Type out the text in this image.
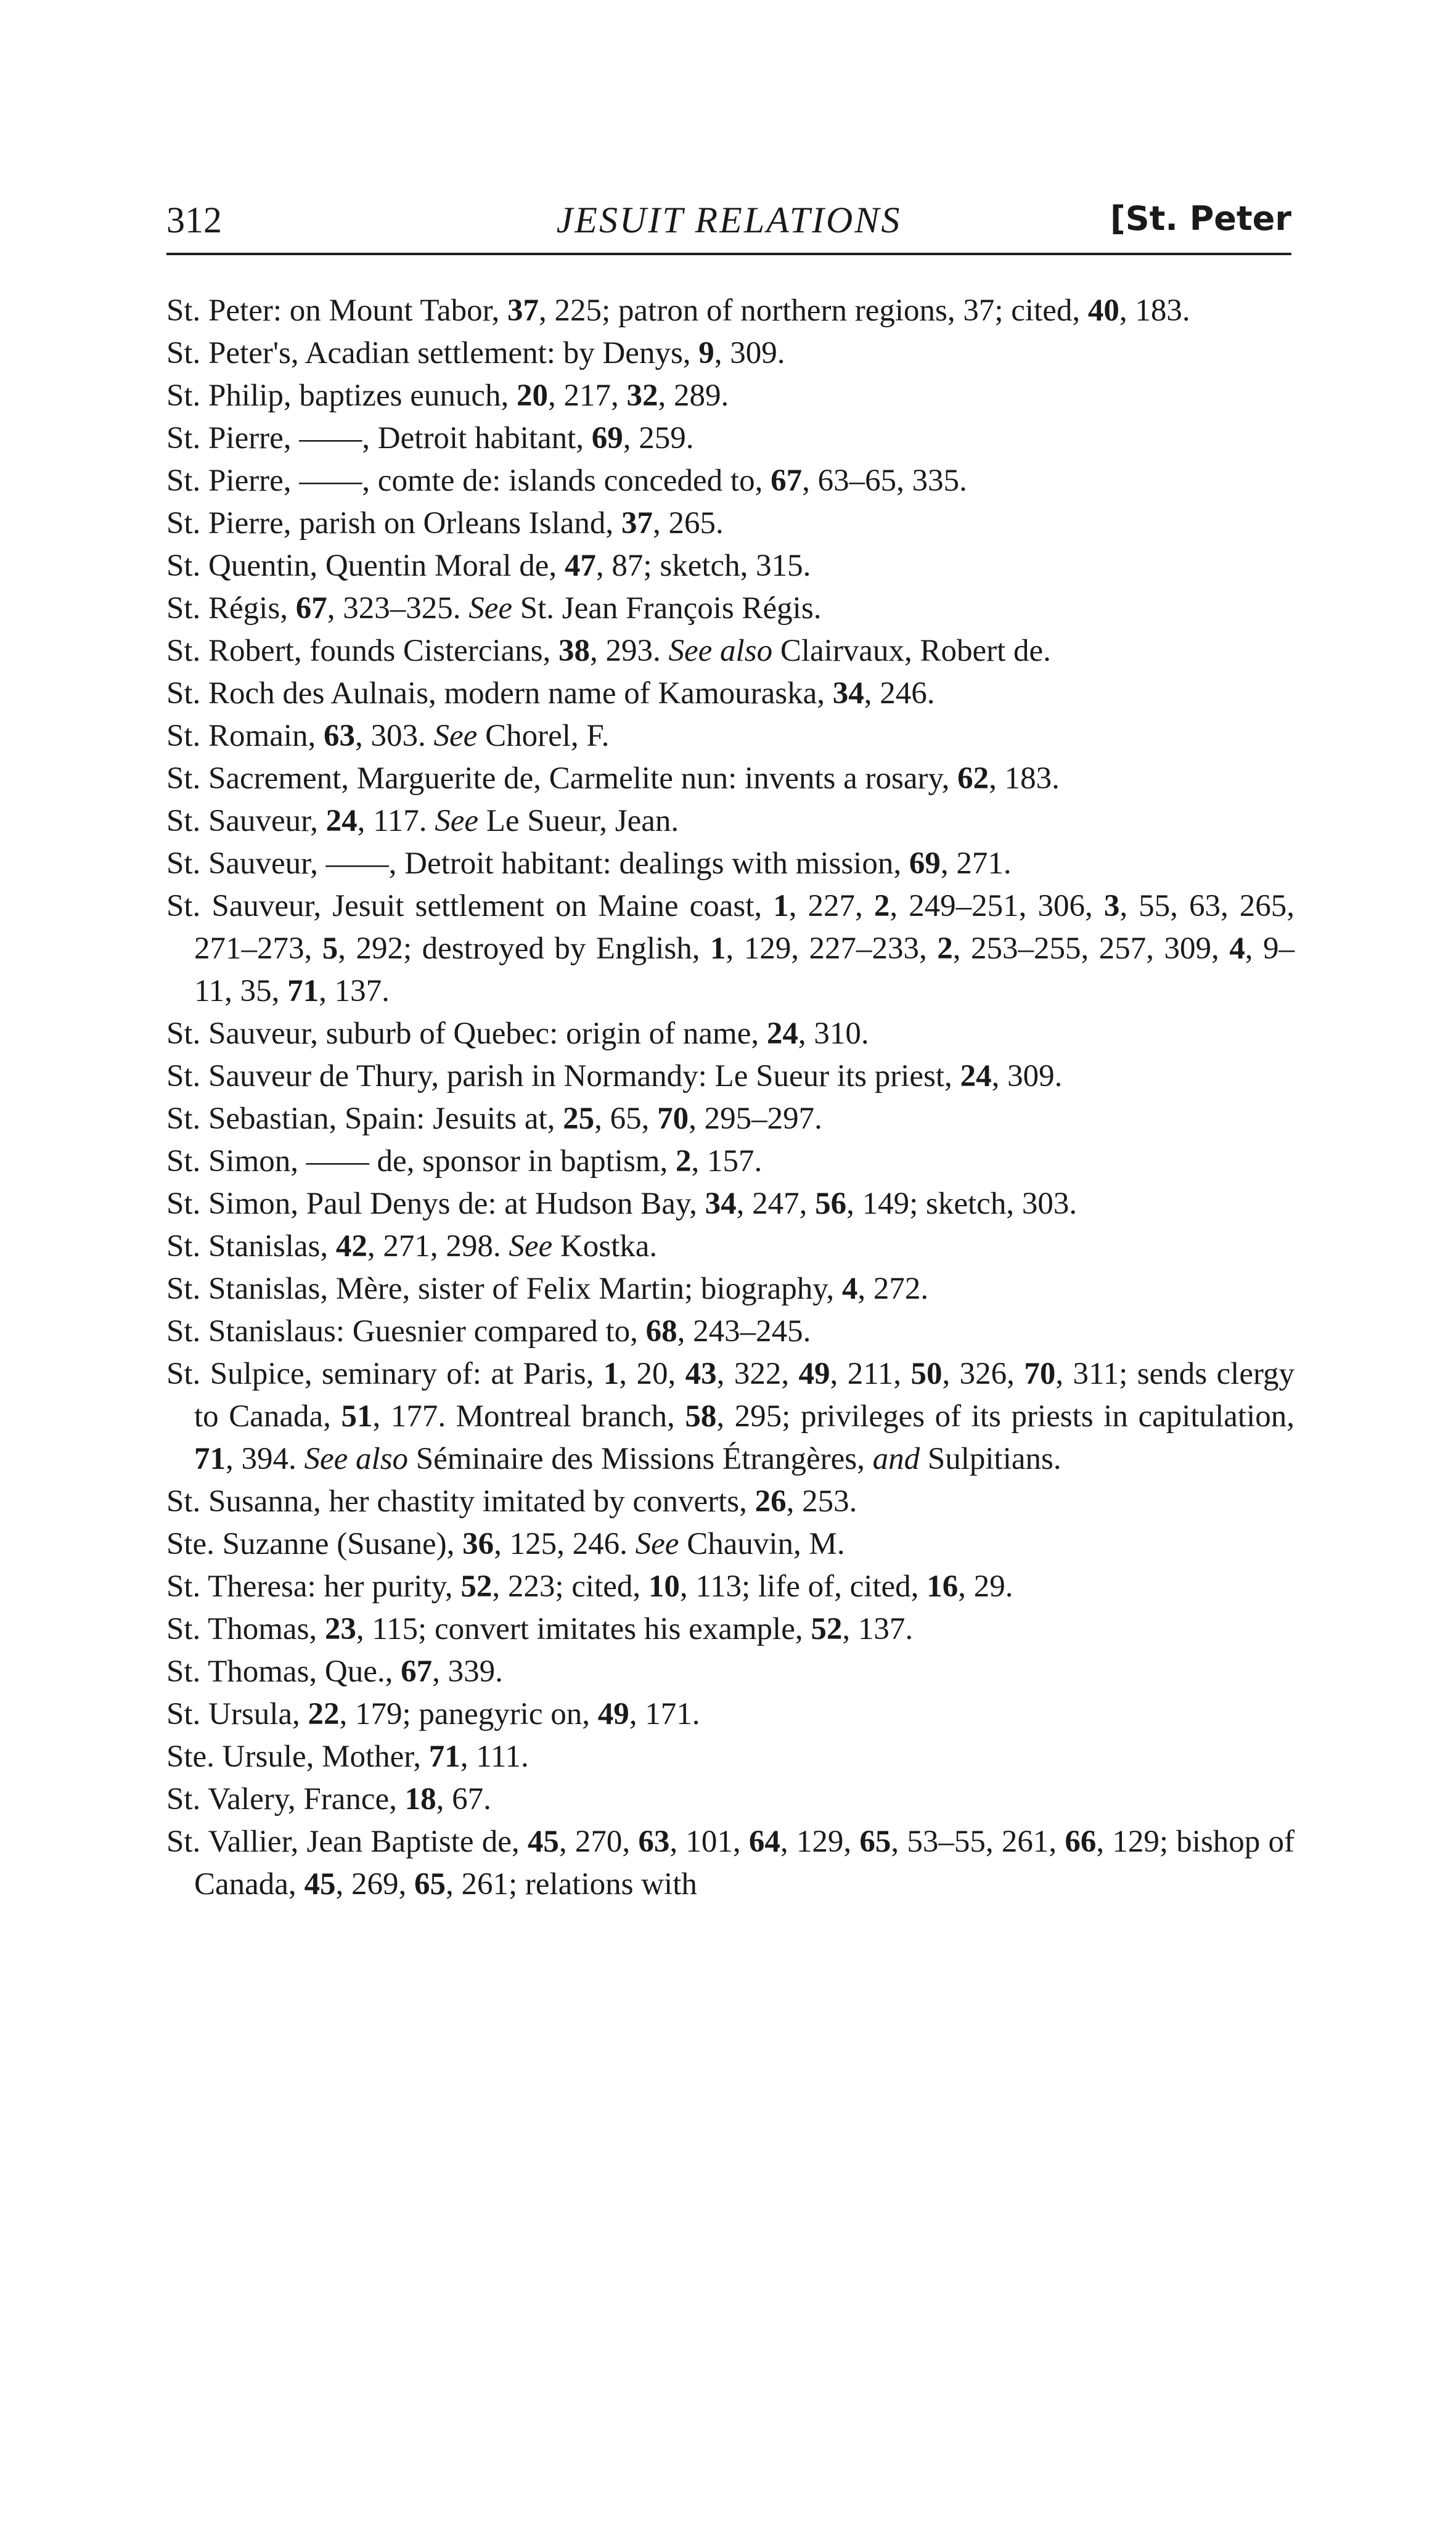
312	JESUIT RELATIONS	[St. Peter

St. Peter: on Mount Tabor, 37, 225; patron of northern regions, 37; cited, 40, 183.

St. Peter's, Acadian settlement: by Denys, 9, 309.

St. Philip, baptizes eunuch, 20, 217, 32, 289.

St. Pierre, ——, Detroit habitant, 69, 259.

St. Pierre, ——, comte de: islands conceded to, 67, 63–65, 335.

St. Pierre, parish on Orleans Island, 37, 265.

St. Quentin, Quentin Moral de, 47, 87; sketch, 315.

St. Régis, 67, 323–325. See St. Jean François Régis.

St. Robert, founds Cistercians, 38, 293. See also Clairvaux, Robert de.

St. Roch des Aulnais, modern name of Kamouraska, 34, 246.

St. Romain, 63, 303. See Chorel, F.

St. Sacrement, Marguerite de, Carmelite nun: invents a rosary, 62, 183.

St. Sauveur, 24, 117. See Le Sueur, Jean.

St. Sauveur, ——, Detroit habitant: dealings with mission, 69, 271.

St. Sauveur, Jesuit settlement on Maine coast, 1, 227, 2, 249–251, 306, 3, 55, 63, 265, 271–273, 5, 292; destroyed by English, 1, 129, 227–233, 2, 253–255, 257, 309, 4, 9–11, 35, 71, 137.

St. Sauveur, suburb of Quebec: origin of name, 24, 310.

St. Sauveur de Thury, parish in Normandy: Le Sueur its priest, 24, 309.

St. Sebastian, Spain: Jesuits at, 25, 65, 70, 295–297.

St. Simon, —— de, sponsor in baptism, 2, 157.

St. Simon, Paul Denys de: at Hudson Bay, 34, 247, 56, 149; sketch, 303.

St. Stanislas, 42, 271, 298. See Kostka.

St. Stanislas, Mère, sister of Felix Martin; biography, 4, 272.

St. Stanislaus: Guesnier compared to, 68, 243–245.

St. Sulpice, seminary of: at Paris, 1, 20, 43, 322, 49, 211, 50, 326, 70, 311; sends clergy to Canada, 51, 177. Montreal branch, 58, 295; privileges of its priests in capitulation, 71, 394. See also Séminaire des Missions Étrangères, and Sulpitians.

St. Susanna, her chastity imitated by converts, 26, 253.

Ste. Suzanne (Susane), 36, 125, 246. See Chauvin, M.

St. Theresa: her purity, 52, 223; cited, 10, 113; life of, cited, 16, 29.

St. Thomas, 23, 115; convert imitates his example, 52, 137.

St. Thomas, Que., 67, 339.

St. Ursula, 22, 179; panegyric on, 49, 171.

Ste. Ursule, Mother, 71, 111.

St. Valery, France, 18, 67.

St. Vallier, Jean Baptiste de, 45, 270, 63, 101, 64, 129, 65, 53–55, 261, 66, 129; bishop of Canada, 45, 269, 65, 261; relations with
